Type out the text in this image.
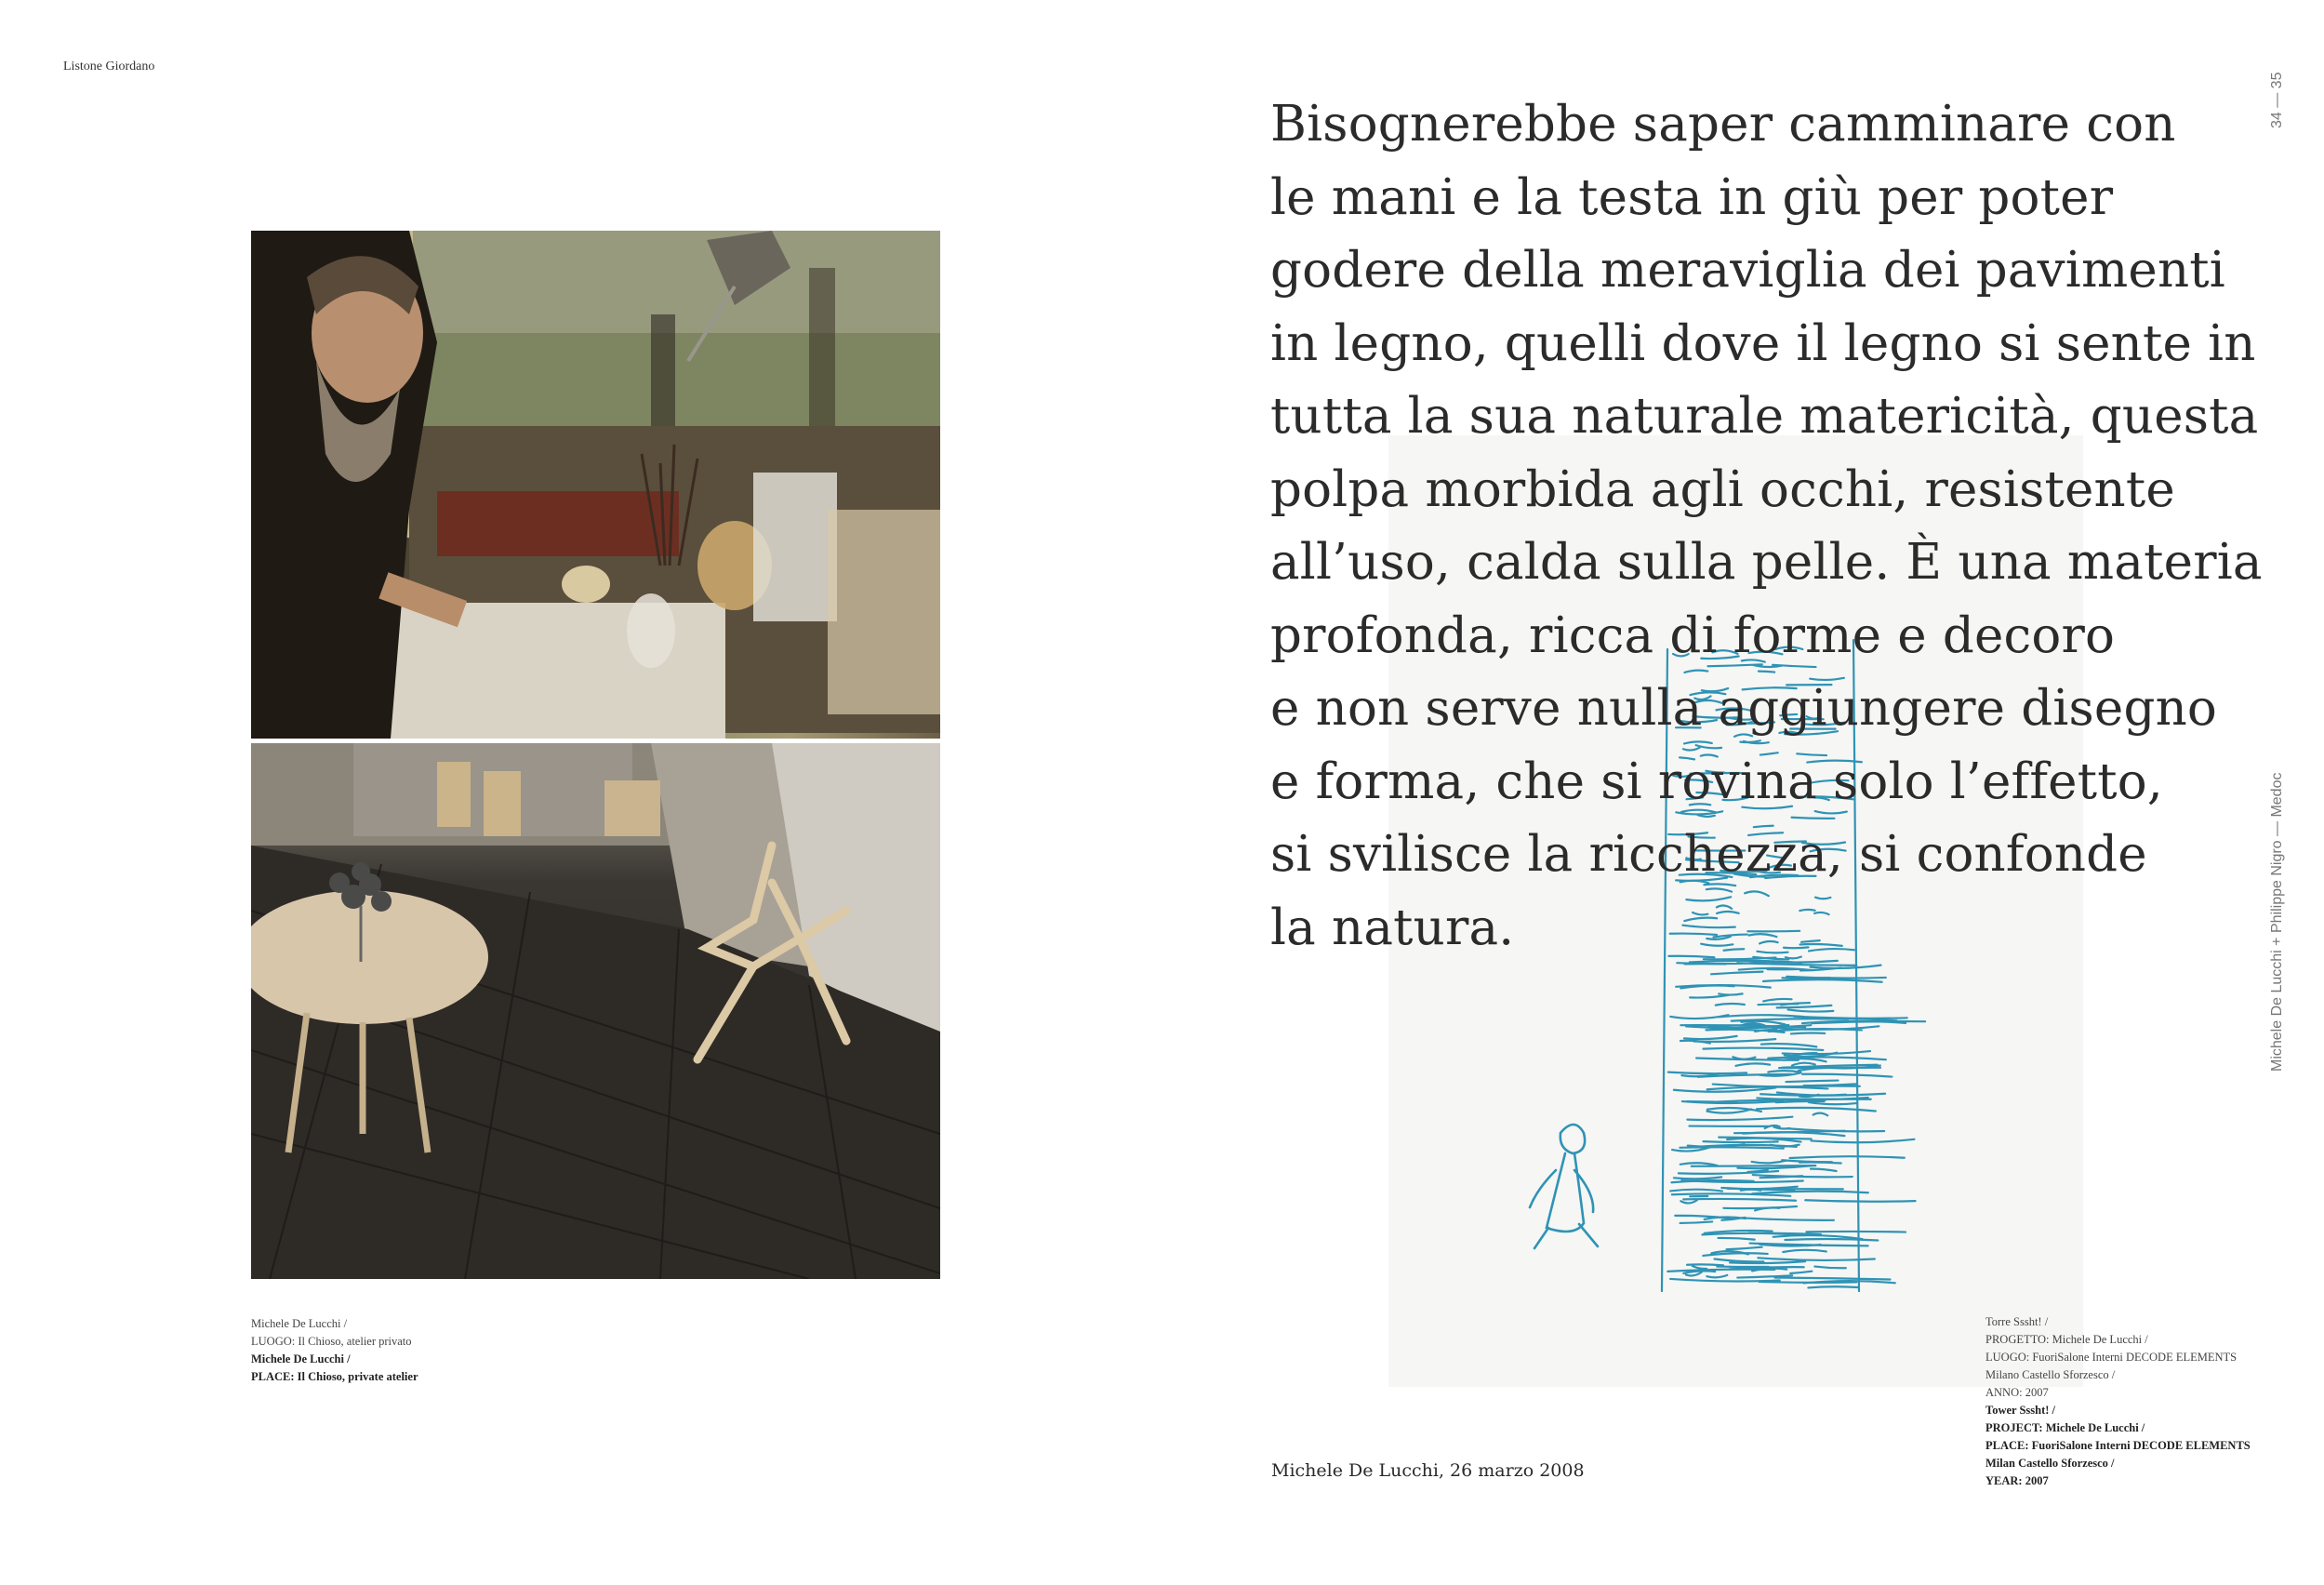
Listone Giordano
34 — 35
Michele De Lucchi + Philippe Nigro — Medoc
Michele De Lucchi /
LUOGO: Il Chioso, atelier privato
Michele De Lucchi /
PLACE: Il Chioso, private atelier

Bisognerebbe saper camminare con
le mani e la testa in giù per poter
godere della meraviglia dei pavimenti
in legno, quelli dove il legno si sente in
tutta la sua naturale matericità, questa
polpa morbida agli occhi, resistente
all’uso, calda sulla pelle. È una materia
profonda, ricca di forme e decoro
e non serve nulla aggiungere disegno
e forma, che si rovina solo l’effetto,
si svilisce la ricchezza, si confonde
la natura.

Michele De Lucchi, 26 marzo 2008
Torre Sssht! /
PROGETTO: Michele De Lucchi /
LUOGO: FuoriSalone Interni DECODE ELEMENTS
Milano Castello Sforzesco /
ANNO: 2007
Tower Sssht! /
PROJECT: Michele De Lucchi /
PLACE: FuoriSalone Interni DECODE ELEMENTS
Milan Castello Sforzesco /
YEAR: 2007
